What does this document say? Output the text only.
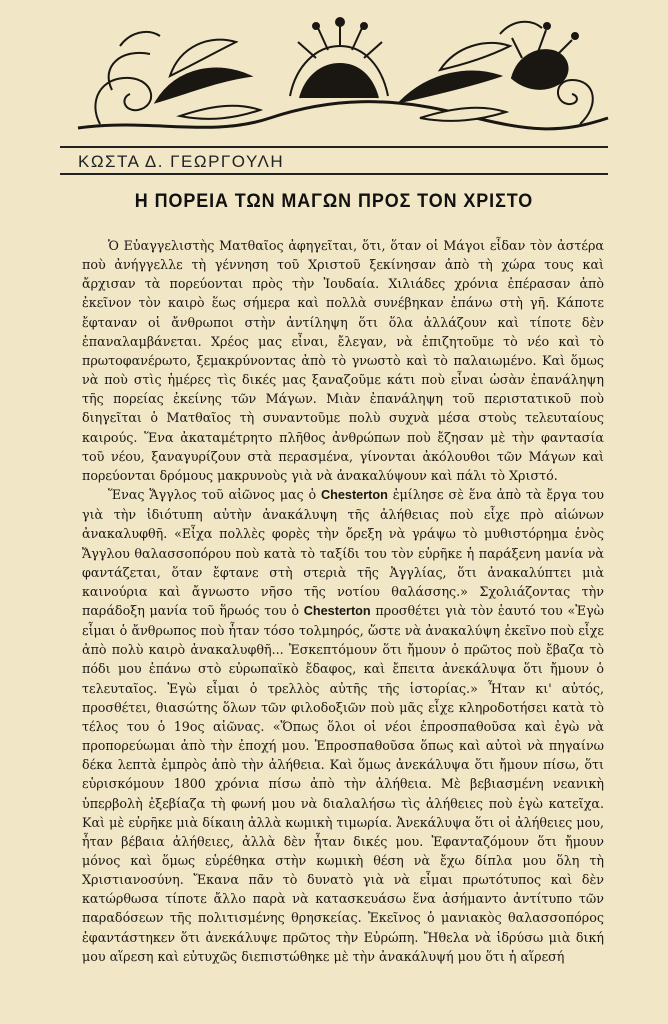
ΚΩΣΤΑ Δ. ΓΕΩΡΓΟΥΛΗ
Η ΠΟΡΕΙΑ ΤΩΝ ΜΑΓΩΝ ΠΡΟΣ ΤΟΝ ΧΡΙΣΤΟ

Ὁ Εὐαγγελιστὴς Ματθαῖος ἀφηγεῖται, ὅτι, ὅταν οἱ Μάγοι εἶδαν τὸν ἀστέρα ποὺ ἀνήγγελλε τὴ γέννηση τοῦ Χριστοῦ ξεκίνησαν ἀπὸ τὴ χώρα τους καὶ ἄρχισαν τὰ πορεύονται πρὸς τὴν Ἰουδαία. Χιλιάδες χρόνια ἐπέρασαν ἀπὸ ἐκεῖνον τὸν καιρὸ ἕως σήμερα καὶ πολλὰ συνέβηκαν ἐπάνω στὴ γῆ. Κάποτε ἔφταναν οἱ ἄνθρωποι στὴν ἀντίληψη ὅτι ὅλα ἀλλάζουν καὶ τίποτε δὲν ἐπαναλαμβάνεται. Χρέος μας εἶναι, ἔλεγαν, νὰ ἐπιζητοῦμε τὸ νέο καὶ τὸ πρωτοφανέρωτο, ξεμακρύνοντας ἀπὸ τὸ γνωστὸ καὶ τὸ παλαιωμένο. Καὶ ὅμως νὰ ποὺ στὶς ἡμέρες τὶς δικές μας ξαναζοῦμε κάτι ποὺ εἶναι ὡσὰν ἐπανάληψη τῆς πορείας ἐκείνης τῶν Μάγων. Μιὰν ἐπανάληψη τοῦ περιστατικοῦ ποὺ διηγεῖται ὁ Ματθαῖος τὴ συναντοῦμε πολὺ συχνὰ μέσα στοὺς τελευταίους καιρούς. Ἕνα ἀκαταμέτρητο πλῆθος ἀνθρώπων ποὺ ἔζησαν μὲ τὴν φαντασία τοῦ νέου, ξαναγυρίζουν στὰ περασμένα, γίνονται ἀκόλουθοι τῶν Μάγων καὶ πορεύονται δρόμους μακρυνοὺς γιὰ νὰ ἀνακαλύψουν καὶ πάλι τὸ Χριστό.

Ἕνας Ἄγγλος τοῦ αἰῶνος μας ὁ Chesterton ἐμίλησε σὲ ἕνα ἀπὸ τὰ ἔργα του γιὰ τὴν ἰδιότυπη αὐτὴν ἀνακάλυψη τῆς ἀλήθειας ποὺ εἶχε πρὸ αἰώνων ἀνακαλυφθῆ. «Εἶχα πολλὲς φορὲς τὴν ὄρεξη νὰ γράψω τὸ μυθιστόρημα ἑνὸς Ἄγγλου θαλασσοπόρου ποὺ κατὰ τὸ ταξίδι του τὸν εὑρῆκε ἡ παράξενη μανία νὰ φαντάζεται, ὅταν ἔφτανε στὴ στεριὰ τῆς Ἀγγλίας, ὅτι ἀνακαλύπτει μιὰ καινούρια καὶ ἄγνωστο νῆσο τῆς νοτίου θαλάσσης.» Σχολιάζοντας τὴν παράδοξη μανία τοῦ ἥρωός του ὁ Chesterton προσθέτει γιὰ τὸν ἑαυτό του «Ἐγὼ εἶμαι ὁ ἄνθρωπος ποὺ ἦταν τόσο τολμηρός, ὥστε νὰ ἀνακαλύψη ἐκεῖνο ποὺ εἶχε ἀπὸ πολὺ καιρὸ ἀνακαλυφθῆ... Ἐσκεπτόμουν ὅτι ἤμουν ὁ πρῶτος ποὺ ἔβαζα τὸ πόδι μου ἐπάνω στὸ εὐρωπαϊκὸ ἔδαφος, καὶ ἔπειτα ἀνεκάλυψα ὅτι ἤμουν ὁ τελευταῖος. Ἐγὼ εἶμαι ὁ τρελλὸς αὐτῆς τῆς ἱστορίας.» Ἦταν κι' αὐτός, προσθέτει, θιασώτης ὅλων τῶν φιλοδοξιῶν ποὺ μᾶς εἶχε κληροδοτήσει κατὰ τὸ τέλος του ὁ 19ος αἰῶνας. «Ὅπως ὅλοι οἱ νέοι ἐπροσπαθοῦσα καὶ ἐγὼ νὰ προπορεύωμαι ἀπὸ τὴν ἐποχή μου. Ἐπροσπαθοῦσα ὅπως καὶ αὐτοὶ νὰ πηγαίνω δέκα λεπτὰ ἐμπρὸς ἀπὸ τὴν ἀλήθεια. Καὶ ὅμως ἀνεκάλυψα ὅτι ἤμουν πίσω, ὅτι εὑρισκόμουν 1800 χρόνια πίσω ἀπὸ τὴν ἀλήθεια. Μὲ βεβιασμένη νεανικὴ ὑπερβολὴ ἐξεβίαζα τὴ φωνή μου νὰ διαλαλήσω τὶς ἀλήθειες ποὺ ἐγὼ κατεῖχα. Καὶ μὲ εὑρῆκε μιὰ δίκαιη ἀλλὰ κωμικὴ τιμωρία. Ἀνεκάλυψα ὅτι οἱ ἀλήθειες μου, ἦταν βέβαια ἀλήθειες, ἀλλὰ δὲν ἦταν δικές μου. Ἐφανταζόμουν ὅτι ἤμουν μόνος καὶ ὅμως εὑρέθηκα στὴν κωμικὴ θέση νὰ ἔχω δίπλα μου ὅλη τὴ Χριστιανοσύνη. Ἔκανα πᾶν τὸ δυνατὸ γιὰ νὰ εἶμαι πρωτότυπος καὶ δὲν κατώρθωσα τίποτε ἄλλο παρὰ νὰ κατασκευάσω ἕνα ἀσήμαντο ἀντίτυπο τῶν παραδόσεων τῆς πολιτισμένης θρησκείας. Ἐκεῖνος ὁ μανιακὸς θαλασσοπόρος ἐφαντάστηκεν ὅτι ἀνεκάλυψε πρῶτος τὴν Εὐρώπη. Ἤθελα νὰ ἱδρύσω μιὰ δική μου αἵρεση καὶ εὐτυχῶς διεπιστώθηκε μὲ τὴν ἀνακάλυψή μου ὅτι ἡ αἵρεσή
